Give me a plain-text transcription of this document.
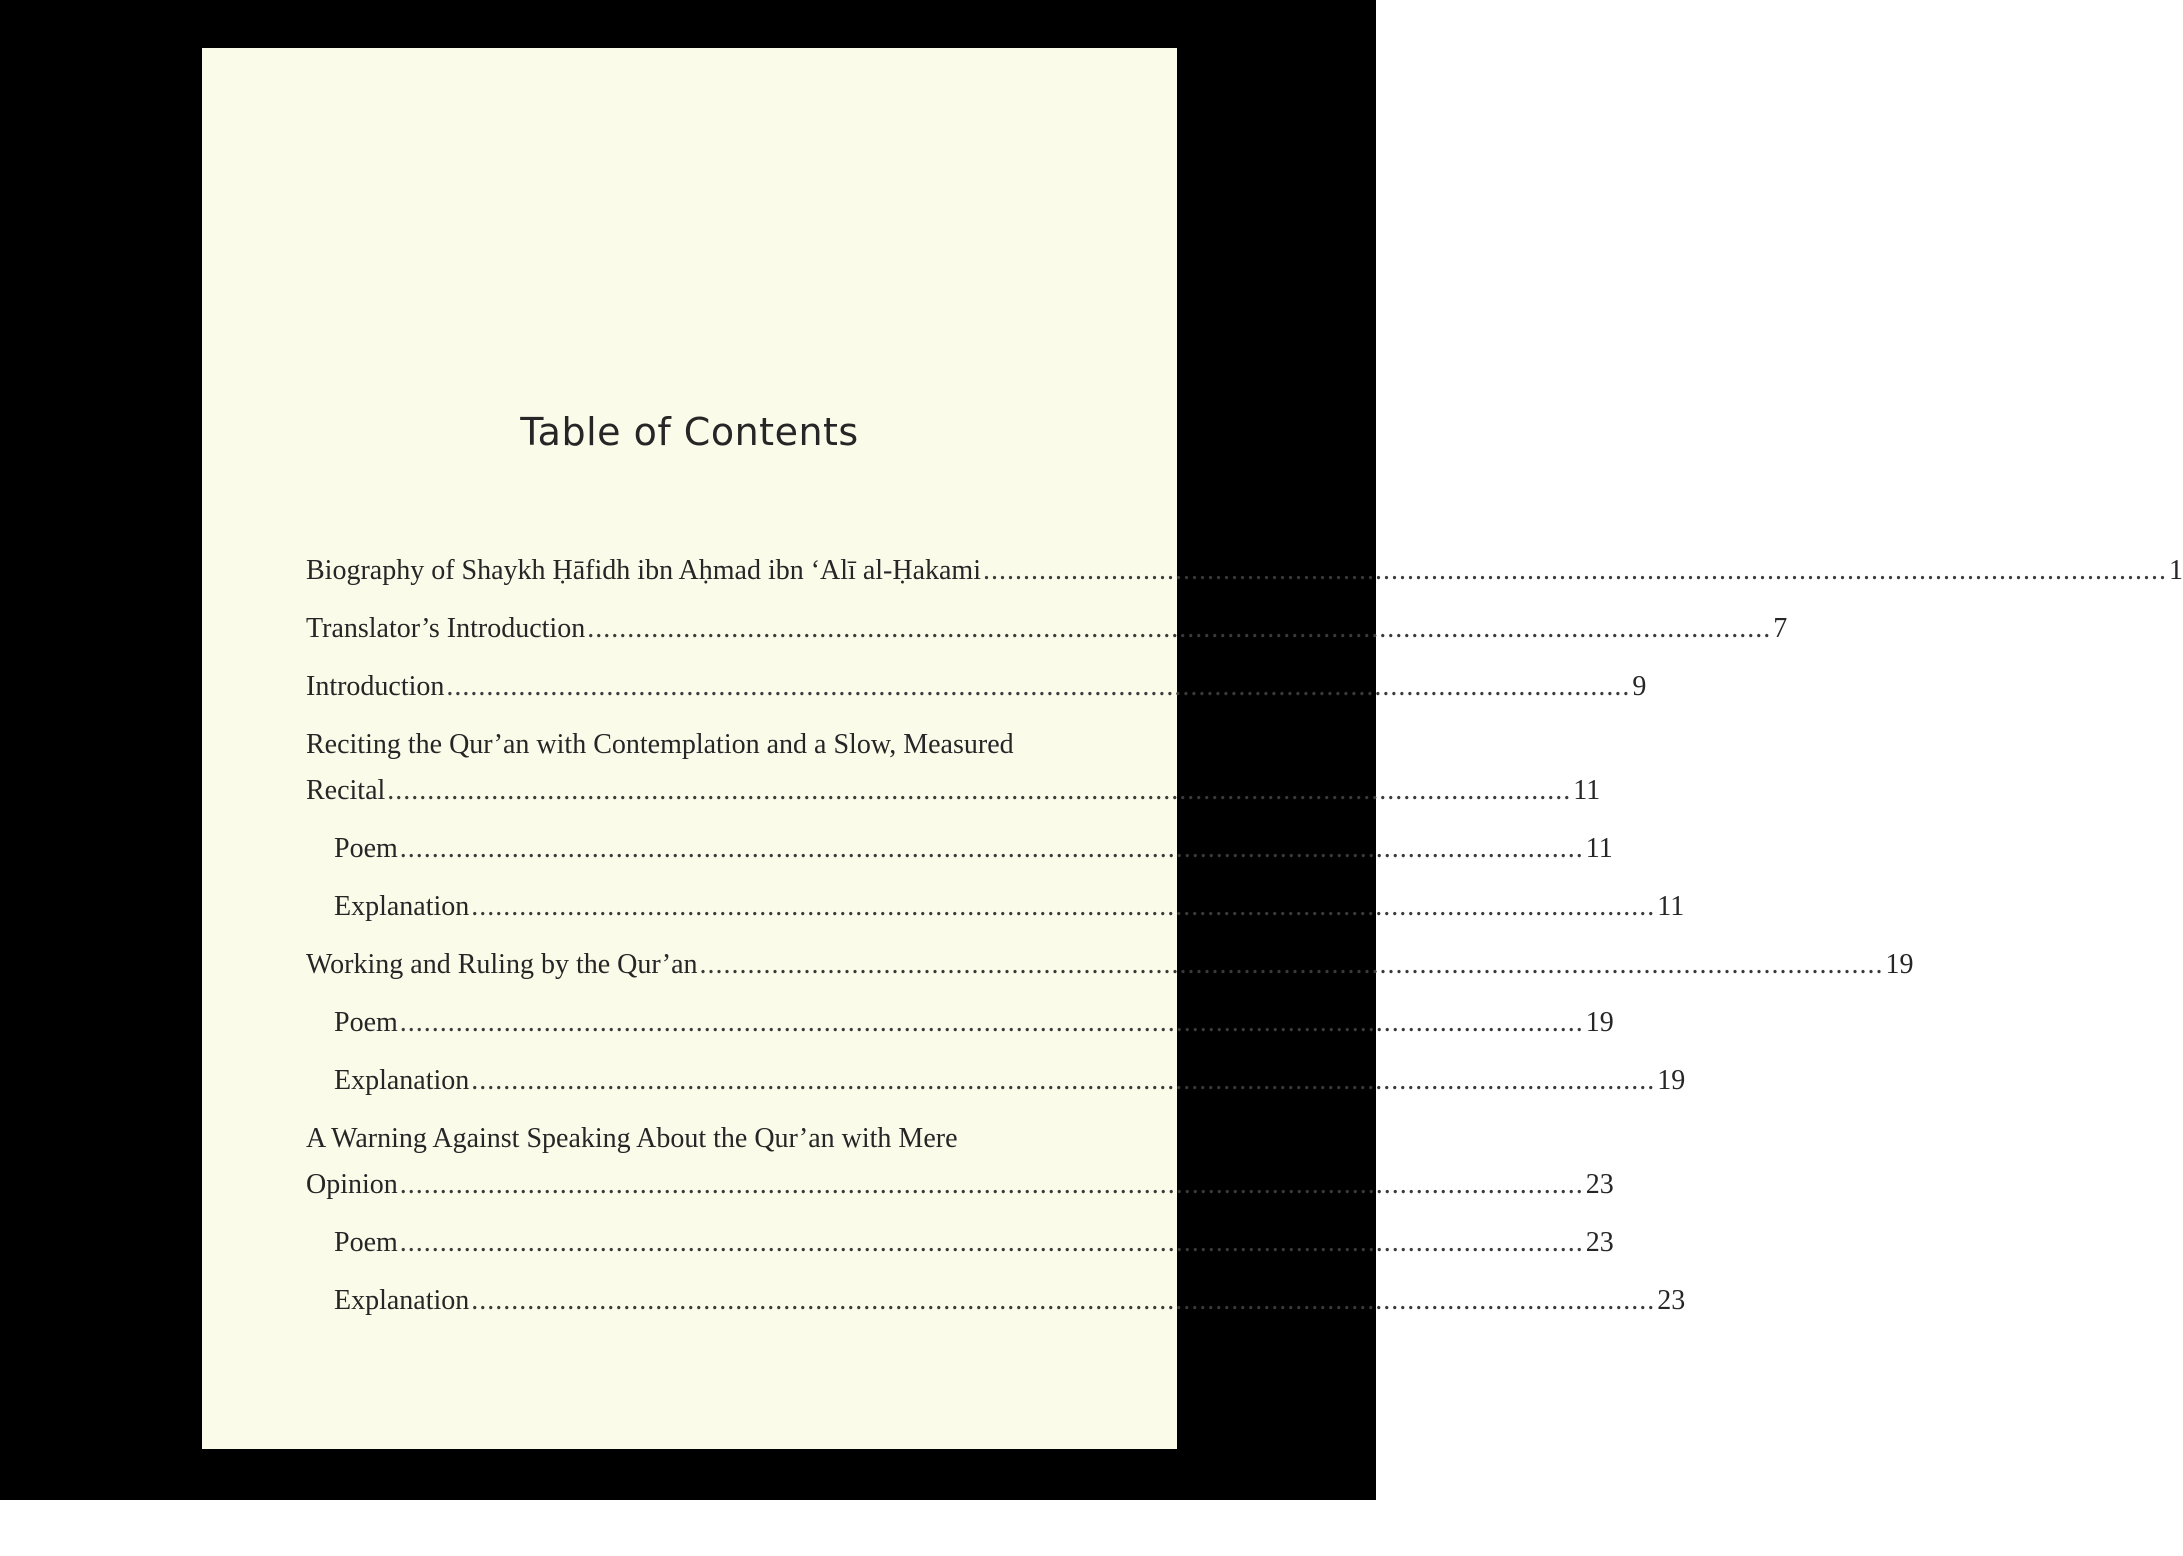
Table of Contents
Biography of Shaykh Ḥāfidh ibn Aḥmad ibn ‘Alī al-Ḥakami .................................................................................................................................................... 1
Translator’s Introduction .................................................................................................................................................... 7
Introduction .................................................................................................................................................... 9
Reciting the Qur’an with Contemplation and a Slow, Measured
Recital .................................................................................................................................................... 11
Poem .................................................................................................................................................... 11
Explanation .................................................................................................................................................... 11
Working and Ruling by the Qur’an .................................................................................................................................................... 19
Poem .................................................................................................................................................... 19
Explanation .................................................................................................................................................... 19
A Warning Against Speaking About the Qur’an with Mere
Opinion .................................................................................................................................................... 23
Poem .................................................................................................................................................... 23
Explanation .................................................................................................................................................... 23
